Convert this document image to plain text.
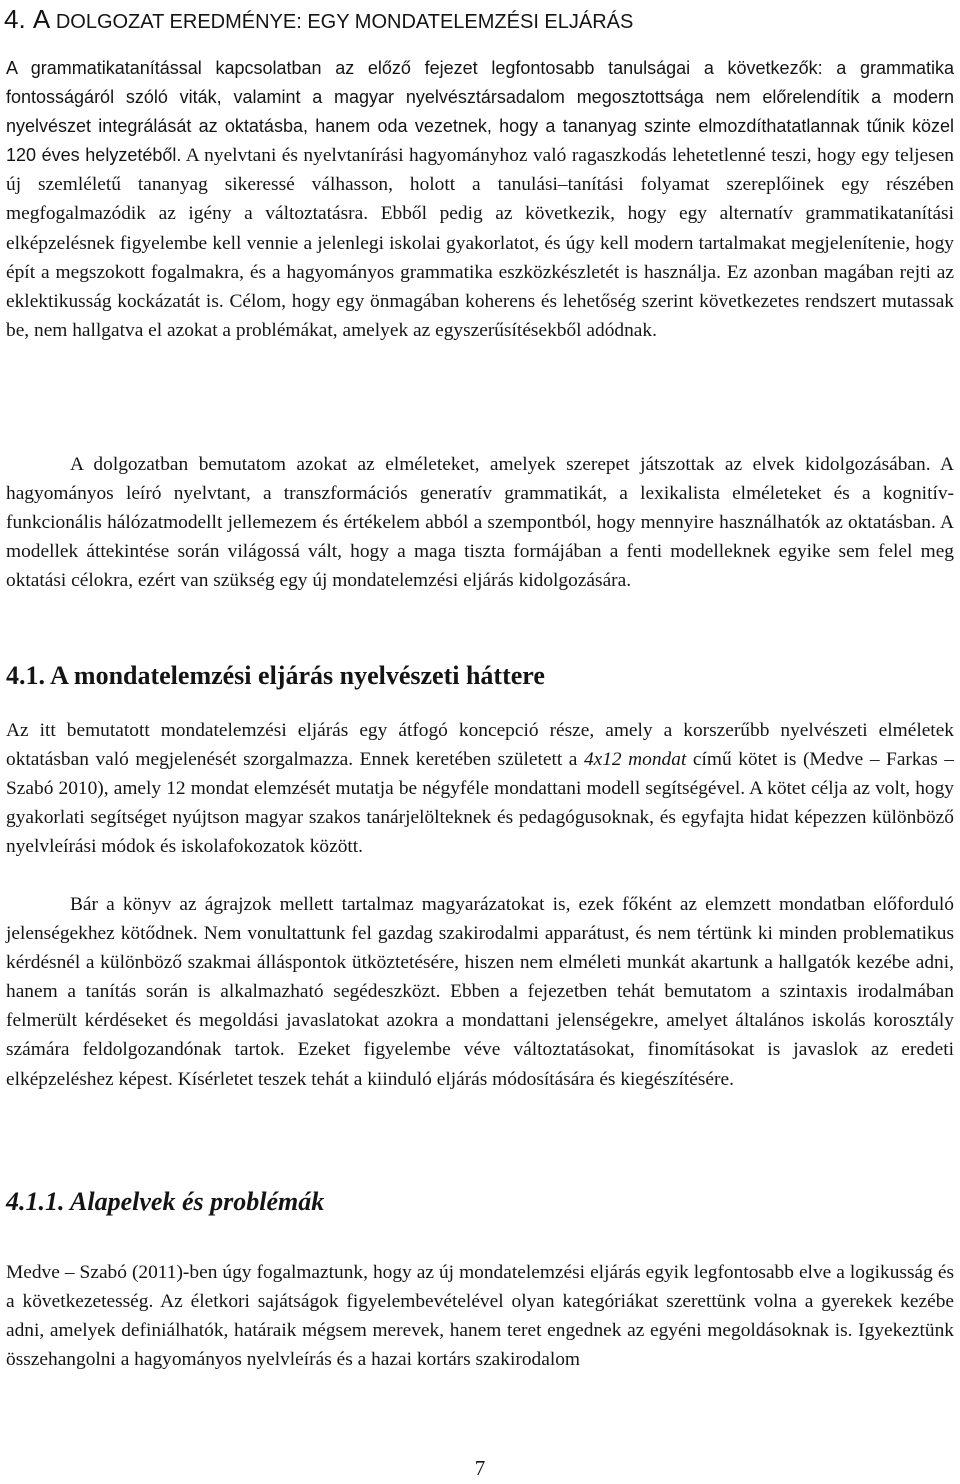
4. A DOLGOZAT EREDMÉNYE: EGY MONDATELEMZÉSI ELJÁRÁS

A grammatikatanítással kapcsolatban az előző fejezet legfontosabb tanulságai a következők: a grammatika fontosságáról szóló viták, valamint a magyar nyelvésztársadalom megosztottsága nem előrelendítik a modern nyelvészet integrálását az oktatásba, hanem oda vezetnek, hogy a tananyag szinte elmozdíthatatlannak tűnik közel 120 éves helyzetéből. A nyelvtani és nyelvtanírási hagyományhoz való ragaszkodás lehetetlenné teszi, hogy egy teljesen új szemléletű tananyag sikeressé válhasson, holott a tanulási–tanítási folyamat szereplőinek egy részében megfogalmazódik az igény a változtatásra. Ebből pedig az következik, hogy egy alternatív grammatikatanítási elképzelésnek figyelembe kell vennie a jelenlegi iskolai gyakorlatot, és úgy kell modern tartalmakat megjelenítenie, hogy épít a megszokott fogalmakra, és a hagyományos grammatika eszközkészletét is használja. Ez azonban magában rejti az eklektikusság kockázatát is. Célom, hogy egy önmagában koherens és lehetőség szerint következetes rendszert mutassak be, nem hallgatva el azokat a problémákat, amelyek az egyszerűsítésekből adódnak.

A dolgozatban bemutatom azokat az elméleteket, amelyek szerepet játszottak az elvek kidolgozásában. A hagyományos leíró nyelvtant, a transzformációs generatív grammatikát, a lexikalista elméleteket és a kognitív-funkcionális hálózatmodellt jellemezem és értékelem abból a szempontból, hogy mennyire használhatók az oktatásban. A modellek áttekintése során világossá vált, hogy a maga tiszta formájában a fenti modelleknek egyike sem felel meg oktatási célokra, ezért van szükség egy új mondatelemzési eljárás kidolgozására.

4.1. A mondatelemzési eljárás nyelvészeti háttere

Az itt bemutatott mondatelemzési eljárás egy átfogó koncepció része, amely a korszerűbb nyelvészeti elméletek oktatásban való megjelenését szorgalmazza. Ennek keretében született a 4x12 mondat című kötet is (Medve – Farkas – Szabó 2010), amely 12 mondat elemzését mutatja be négyféle mondattani modell segítségével. A kötet célja az volt, hogy gyakorlati segítséget nyújtson magyar szakos tanárjelölteknek és pedagógusoknak, és egyfajta hidat képezzen különböző nyelvleírási módok és iskolafokozatok között.

Bár a könyv az ágrajzok mellett tartalmaz magyarázatokat is, ezek főként az elemzett mondatban előforduló jelenségekhez kötődnek. Nem vonultattunk fel gazdag szakirodalmi apparátust, és nem tértünk ki minden problematikus kérdésnél a különböző szakmai álláspontok ütköztetésére, hiszen nem elméleti munkát akartunk a hallgatók kezébe adni, hanem a tanítás során is alkalmazható segédeszközt. Ebben a fejezetben tehát bemutatom a szintaxis irodalmában felmerült kérdéseket és megoldási javaslatokat azokra a mondattani jelenségekre, amelyet általános iskolás korosztály számára feldolgozandónak tartok. Ezeket figyelembe véve változtatásokat, finomításokat is javaslok az eredeti elképzeléshez képest. Kísérletet teszek tehát a kiinduló eljárás módosítására és kiegészítésére.

4.1.1. Alapelvek és problémák

Medve – Szabó (2011)-ben úgy fogalmaztunk, hogy az új mondatelemzési eljárás egyik legfontosabb elve a logikusság és a következetesség. Az életkori sajátságok figyelembevételével olyan kategóriákat szerettünk volna a gyerekek kezébe adni, amelyek definiálhatók, határaik mégsem merevek, hanem teret engednek az egyéni megoldásoknak is. Igyekeztünk összehangolni a hagyományos nyelvleírás és a hazai kortárs szakirodalom

7
